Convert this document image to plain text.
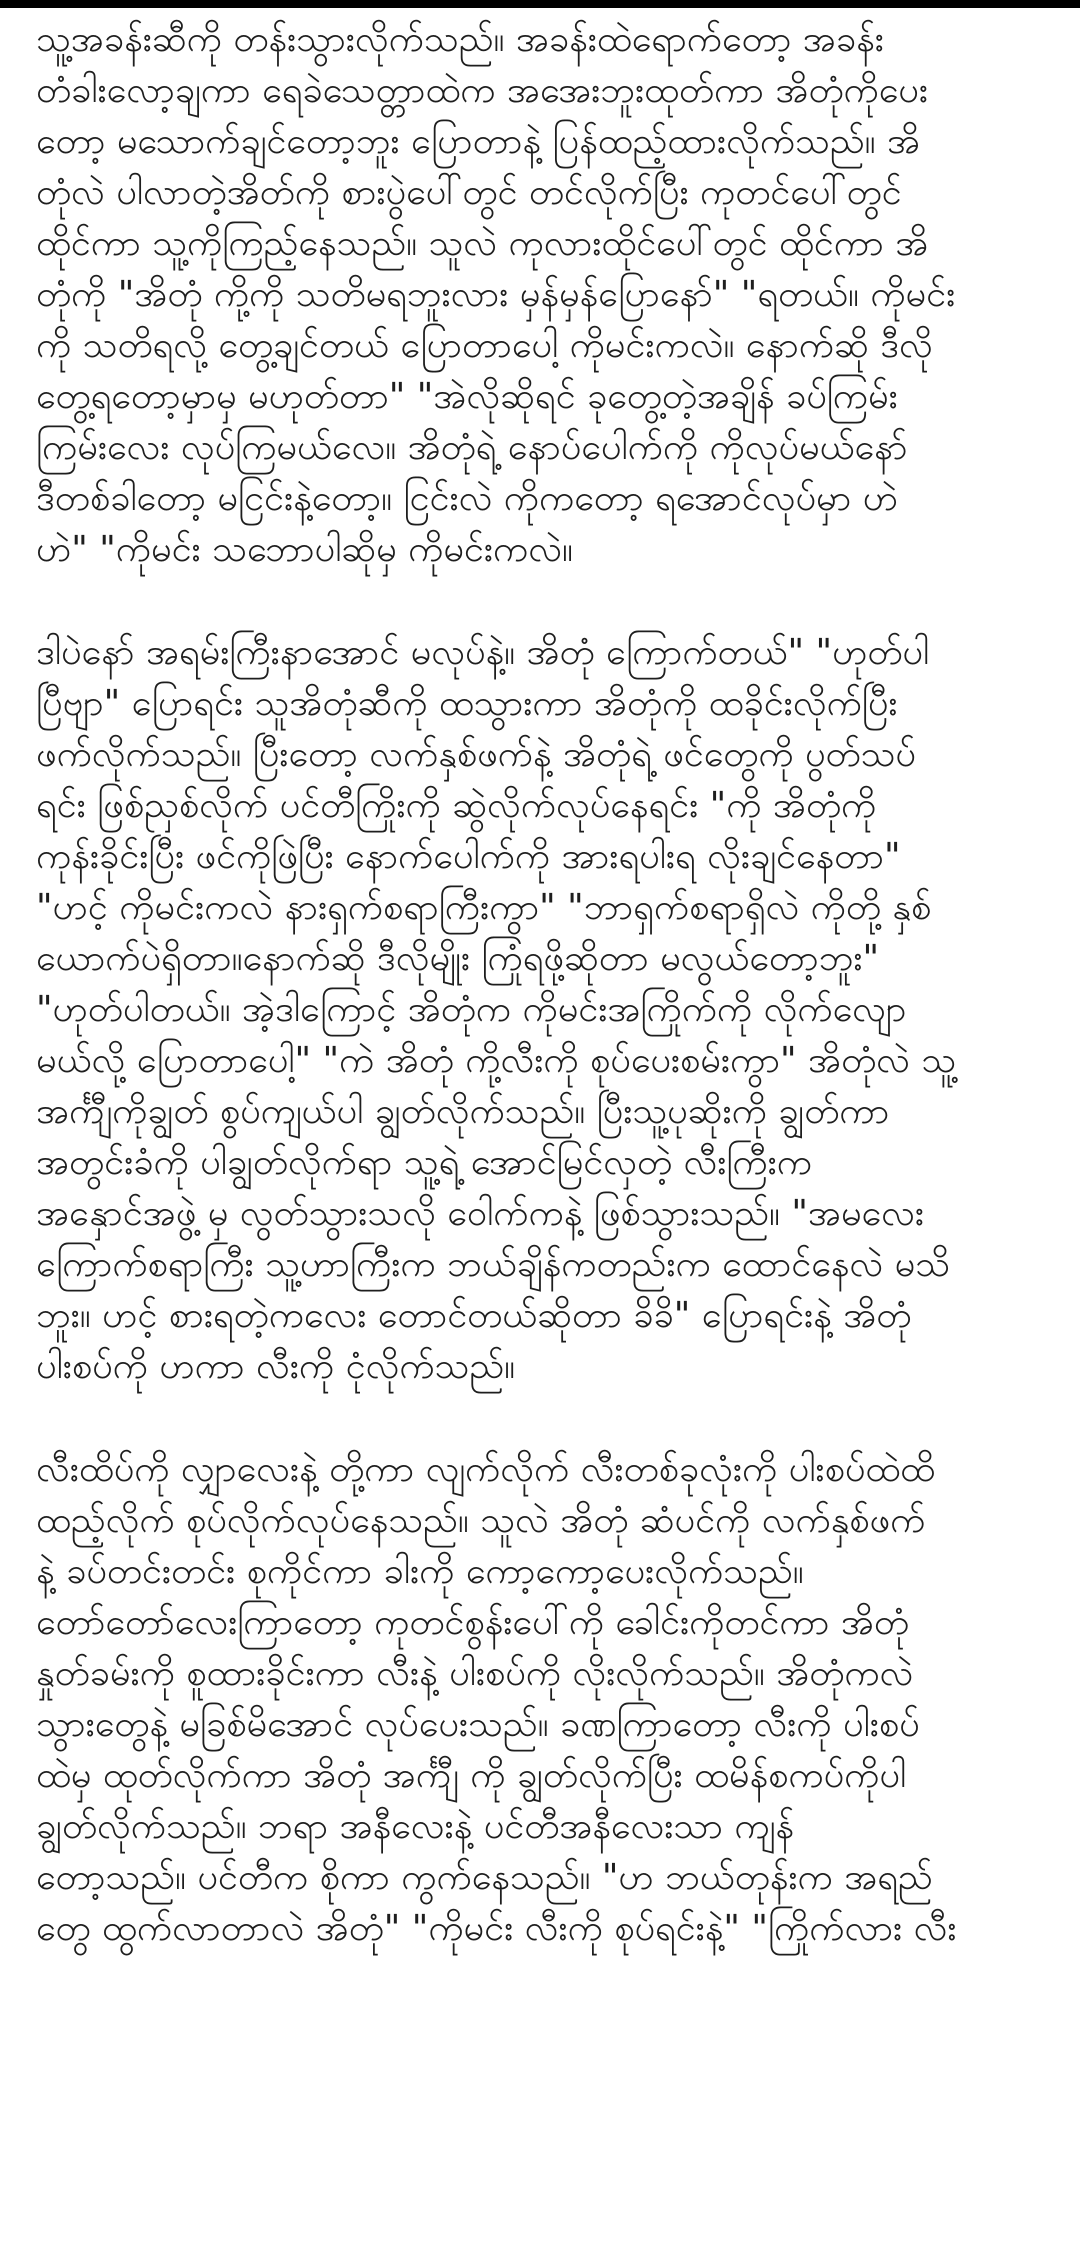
သူ့အခန်းဆီကို တန်းသွားလိုက်သည်။ အခန်းထဲရောက်တော့ အခန်း
တံခါးလော့ချကာ ရေခဲသေတ္တာထဲက အအေးဘူးထုတ်ကာ အိတုံကိုပေး
တော့ မသောက်ချင်တော့ဘူး ပြောတာနဲ့ ပြန်ထည့်ထားလိုက်သည်။ အိ
တုံလဲ ပါလာတဲ့အိတ်ကို စားပွဲပေါ်တွင် တင်လိုက်ပြီး ကုတင်ပေါ်တွင်
ထိုင်ကာ သူ့ကိုကြည့်နေသည်။ သူလဲ ကုလားထိုင်ပေါ်တွင် ထိုင်ကာ အိ
တုံကို "အိတုံ ကို့ကို သတိမရဘူးလား မှန်မှန်ပြောနော်" "ရတယ်။ ကိုမင်း
ကို သတိရလို့ တွေ့ချင်တယ် ပြောတာပေါ့ ကိုမင်းကလဲ။ နောက်ဆို ဒီလို
တွေ့ရတော့မှာမှ မဟုတ်တာ" "အဲလိုဆိုရင် ခုတွေ့တဲ့အချိန် ခပ်ကြမ်း
ကြမ်းလေး လုပ်ကြမယ်လေ။ အိတုံရဲ့ နောပ်ပေါက်ကို ကိုလုပ်မယ်နော်
ဒီတစ်ခါတော့ မငြင်းနဲ့တော့။ ငြင်းလဲ ကိုကတော့ ရအောင်လုပ်မှာ ဟဲ
ဟဲ" "ကိုမင်း သဘောပါဆိုမှ ကိုမင်းကလဲ။

ဒါပဲနော် အရမ်းကြီးနာအောင် မလုပ်နဲ့။ အိတုံ ကြောက်တယ်" "ဟုတ်ပါ
ပြီဗျာ" ပြောရင်း သူအိတုံဆီကို ထသွားကာ အိတုံကို ထခိုင်းလိုက်ပြီး
ဖက်လိုက်သည်။ ပြီးတော့ လက်နှစ်ဖက်နဲ့ အိတုံရဲ့ ဖင်တွေကို ပွတ်သပ်
ရင်း ဖြစ်ညှစ်လိုက် ပင်တီကြိုးကို ဆွဲလိုက်လုပ်နေရင်း "ကို အိတုံကို
ကုန်းခိုင်းပြီး ဖင်ကိုဖြဲပြီး နောက်ပေါက်ကို အားရပါးရ လိုးချင်နေတာ"
"ဟင့် ကိုမင်းကလဲ နားရှက်စရာကြီးကွာ" "ဘာရှက်စရာရှိလဲ ကိုတို့ နှစ်
ယောက်ပဲရှိတာ။နောက်ဆို ဒီလိုမျိုး ကြုံရဖို့ဆိုတာ မလွယ်တော့ဘူး"
"ဟုတ်ပါတယ်။ အဲ့ဒါကြောင့် အိတုံက ကိုမင်းအကြိုက်ကို လိုက်လျော
မယ်လို့ ပြောတာပေါ့" "ကဲ အိတုံ ကို့လီးကို စုပ်ပေးစမ်းကွာ" အိတုံလဲ သူ့
အင်္ကျီကိုချွတ် စွပ်ကျယ်ပါ ချွတ်လိုက်သည်။ ပြီးသူ့ပုဆိုးကို ချွတ်ကာ
အတွင်းခံကို ပါချွတ်လိုက်ရာ သူ့ရဲ့ အောင်မြင်လှတဲ့ လီးကြီးက
အနှောင်အဖွဲ့ မှ လွတ်သွားသလို ဝေါက်ကနဲ့ ဖြစ်သွားသည်။ "အမလေး
ကြောက်စရာကြီး သူ့ဟာကြီးက ဘယ်ချိန်ကတည်းက ထောင်နေလဲ မသိ
ဘူး။ ဟင့် စားရတဲ့ကလေး တောင်တယ်ဆိုတာ ခိခိ" ပြောရင်းနဲ့ အိတုံ
ပါးစပ်ကို ဟကာ လီးကို ငုံလိုက်သည်။

လီးထိပ်ကို လျှာလေးနဲ့ တို့ကာ လျက်လိုက် လီးတစ်ခုလုံးကို ပါးစပ်ထဲထိ
ထည့်လိုက် စုပ်လိုက်လုပ်နေသည်။ သူလဲ အိတုံ ဆံပင်ကို လက်နှစ်ဖက်
နဲ့ ခပ်တင်းတင်း စုကိုင်ကာ ခါးကို ကော့ကော့ပေးလိုက်သည်။
တော်တော်လေးကြာတော့ ကုတင်စွန်းပေါ်ကို ခေါင်းကိုတင်ကာ အိတုံ
နှုတ်ခမ်းကို စူထားခိုင်းကာ လီးနဲ့ ပါးစပ်ကို လိုးလိုက်သည်။ အိတုံကလဲ
သွားတွေနဲ့ မခြစ်မိအောင် လုပ်ပေးသည်။ ခဏကြာတော့ လီးကို ပါးစပ်
ထဲမှ ထုတ်လိုက်ကာ အိတုံ အင်္ကျီ ကို ချွတ်လိုက်ပြီး ထမိန်စကပ်ကိုပါ
ချွတ်လိုက်သည်။ ဘရာ အနီလေးနဲ့ ပင်တီအနီလေးသာ ကျန်
တော့သည်။ ပင်တီက စိုကာ ကွက်နေသည်။ "ဟ ဘယ်တုန်းက အရည်
တွေ ထွက်လာတာလဲ အိတုံ" "ကိုမင်း လီးကို စုပ်ရင်းနဲ့" "ကြိုက်လား လီး
